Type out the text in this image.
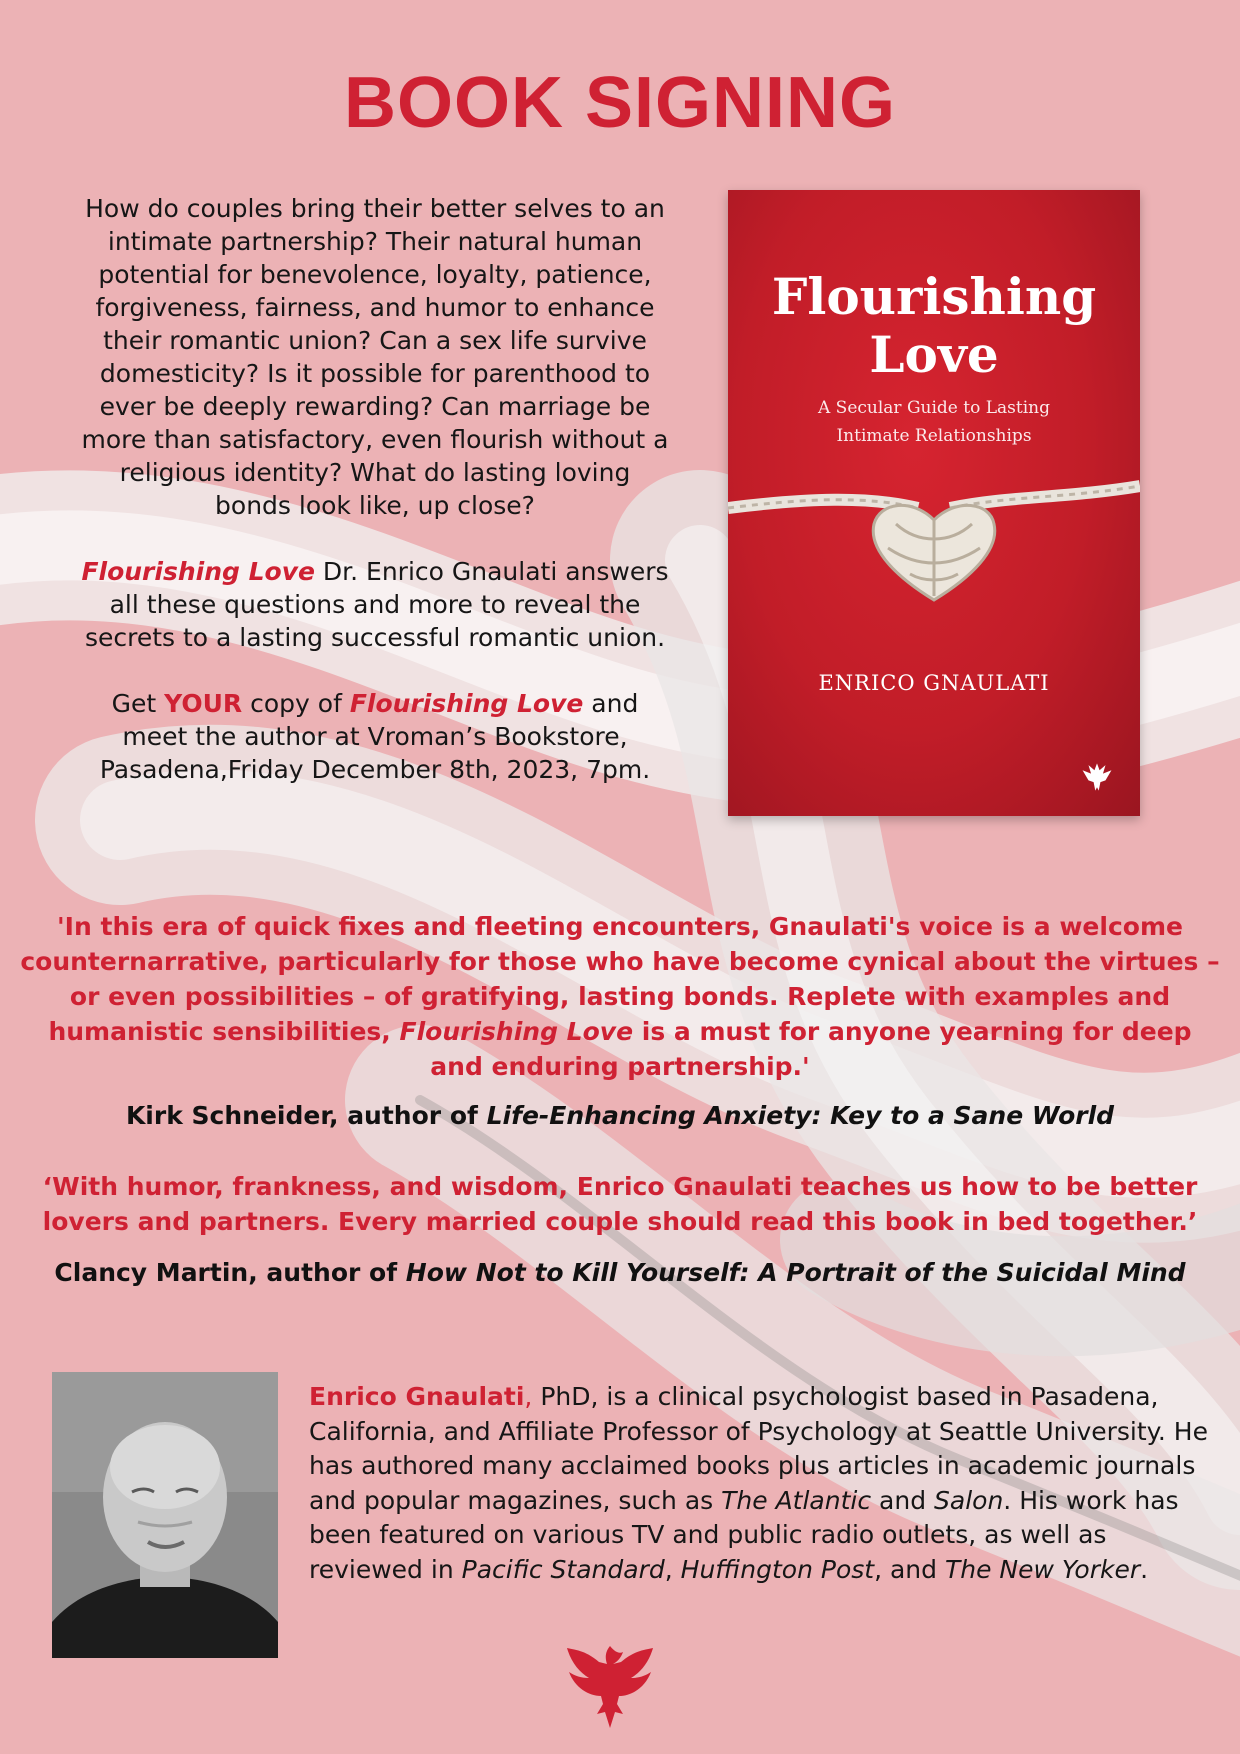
BOOK SIGNING

How do couples bring their better selves to an intimate partnership? Their natural human potential for benevolence, loyalty, patience, forgiveness, fairness, and humor to enhance their romantic union? Can a sex life survive domesticity? Is it possible for parenthood to ever be deeply rewarding? Can marriage be more than satisfactory, even flourish without a religious identity? What do lasting loving bonds look like, up close?

Flourishing Love Dr. Enrico Gnaulati answers all these questions and more to reveal the secrets to a lasting successful romantic union.

Get YOUR copy of Flourishing Love and meet the author at Vroman’s Bookstore, Pasadena,Friday December 8th, 2023, 7pm.

Flourishing
Love
A Secular Guide to Lasting
Intimate Relationships
ENRICO GNAULATI

'In this era of quick fixes and fleeting encounters, Gnaulati's voice is a welcome counternarrative, particularly for those who have become cynical about the virtues – or even possibilities – of gratifying, lasting bonds. Replete with examples and humanistic sensibilities, Flourishing Love is a must for anyone yearning for deep and enduring partnership.'

Kirk Schneider, author of Life-Enhancing Anxiety: Key to a Sane World

‘With humor, frankness, and wisdom, Enrico Gnaulati teaches us how to be better lovers and partners. Every married couple should read this book in bed together.’

Clancy Martin, author of How Not to Kill Yourself: A Portrait of the Suicidal Mind

Enrico Gnaulati, PhD, is a clinical psychologist based in Pasadena, California, and Affiliate Professor of Psychology at Seattle University. He has authored many acclaimed books plus articles in academic journals and popular magazines, such as The Atlantic and Salon. His work has been featured on various TV and public radio outlets, as well as reviewed in Pacific Standard, Huffington Post, and The New Yorker.
